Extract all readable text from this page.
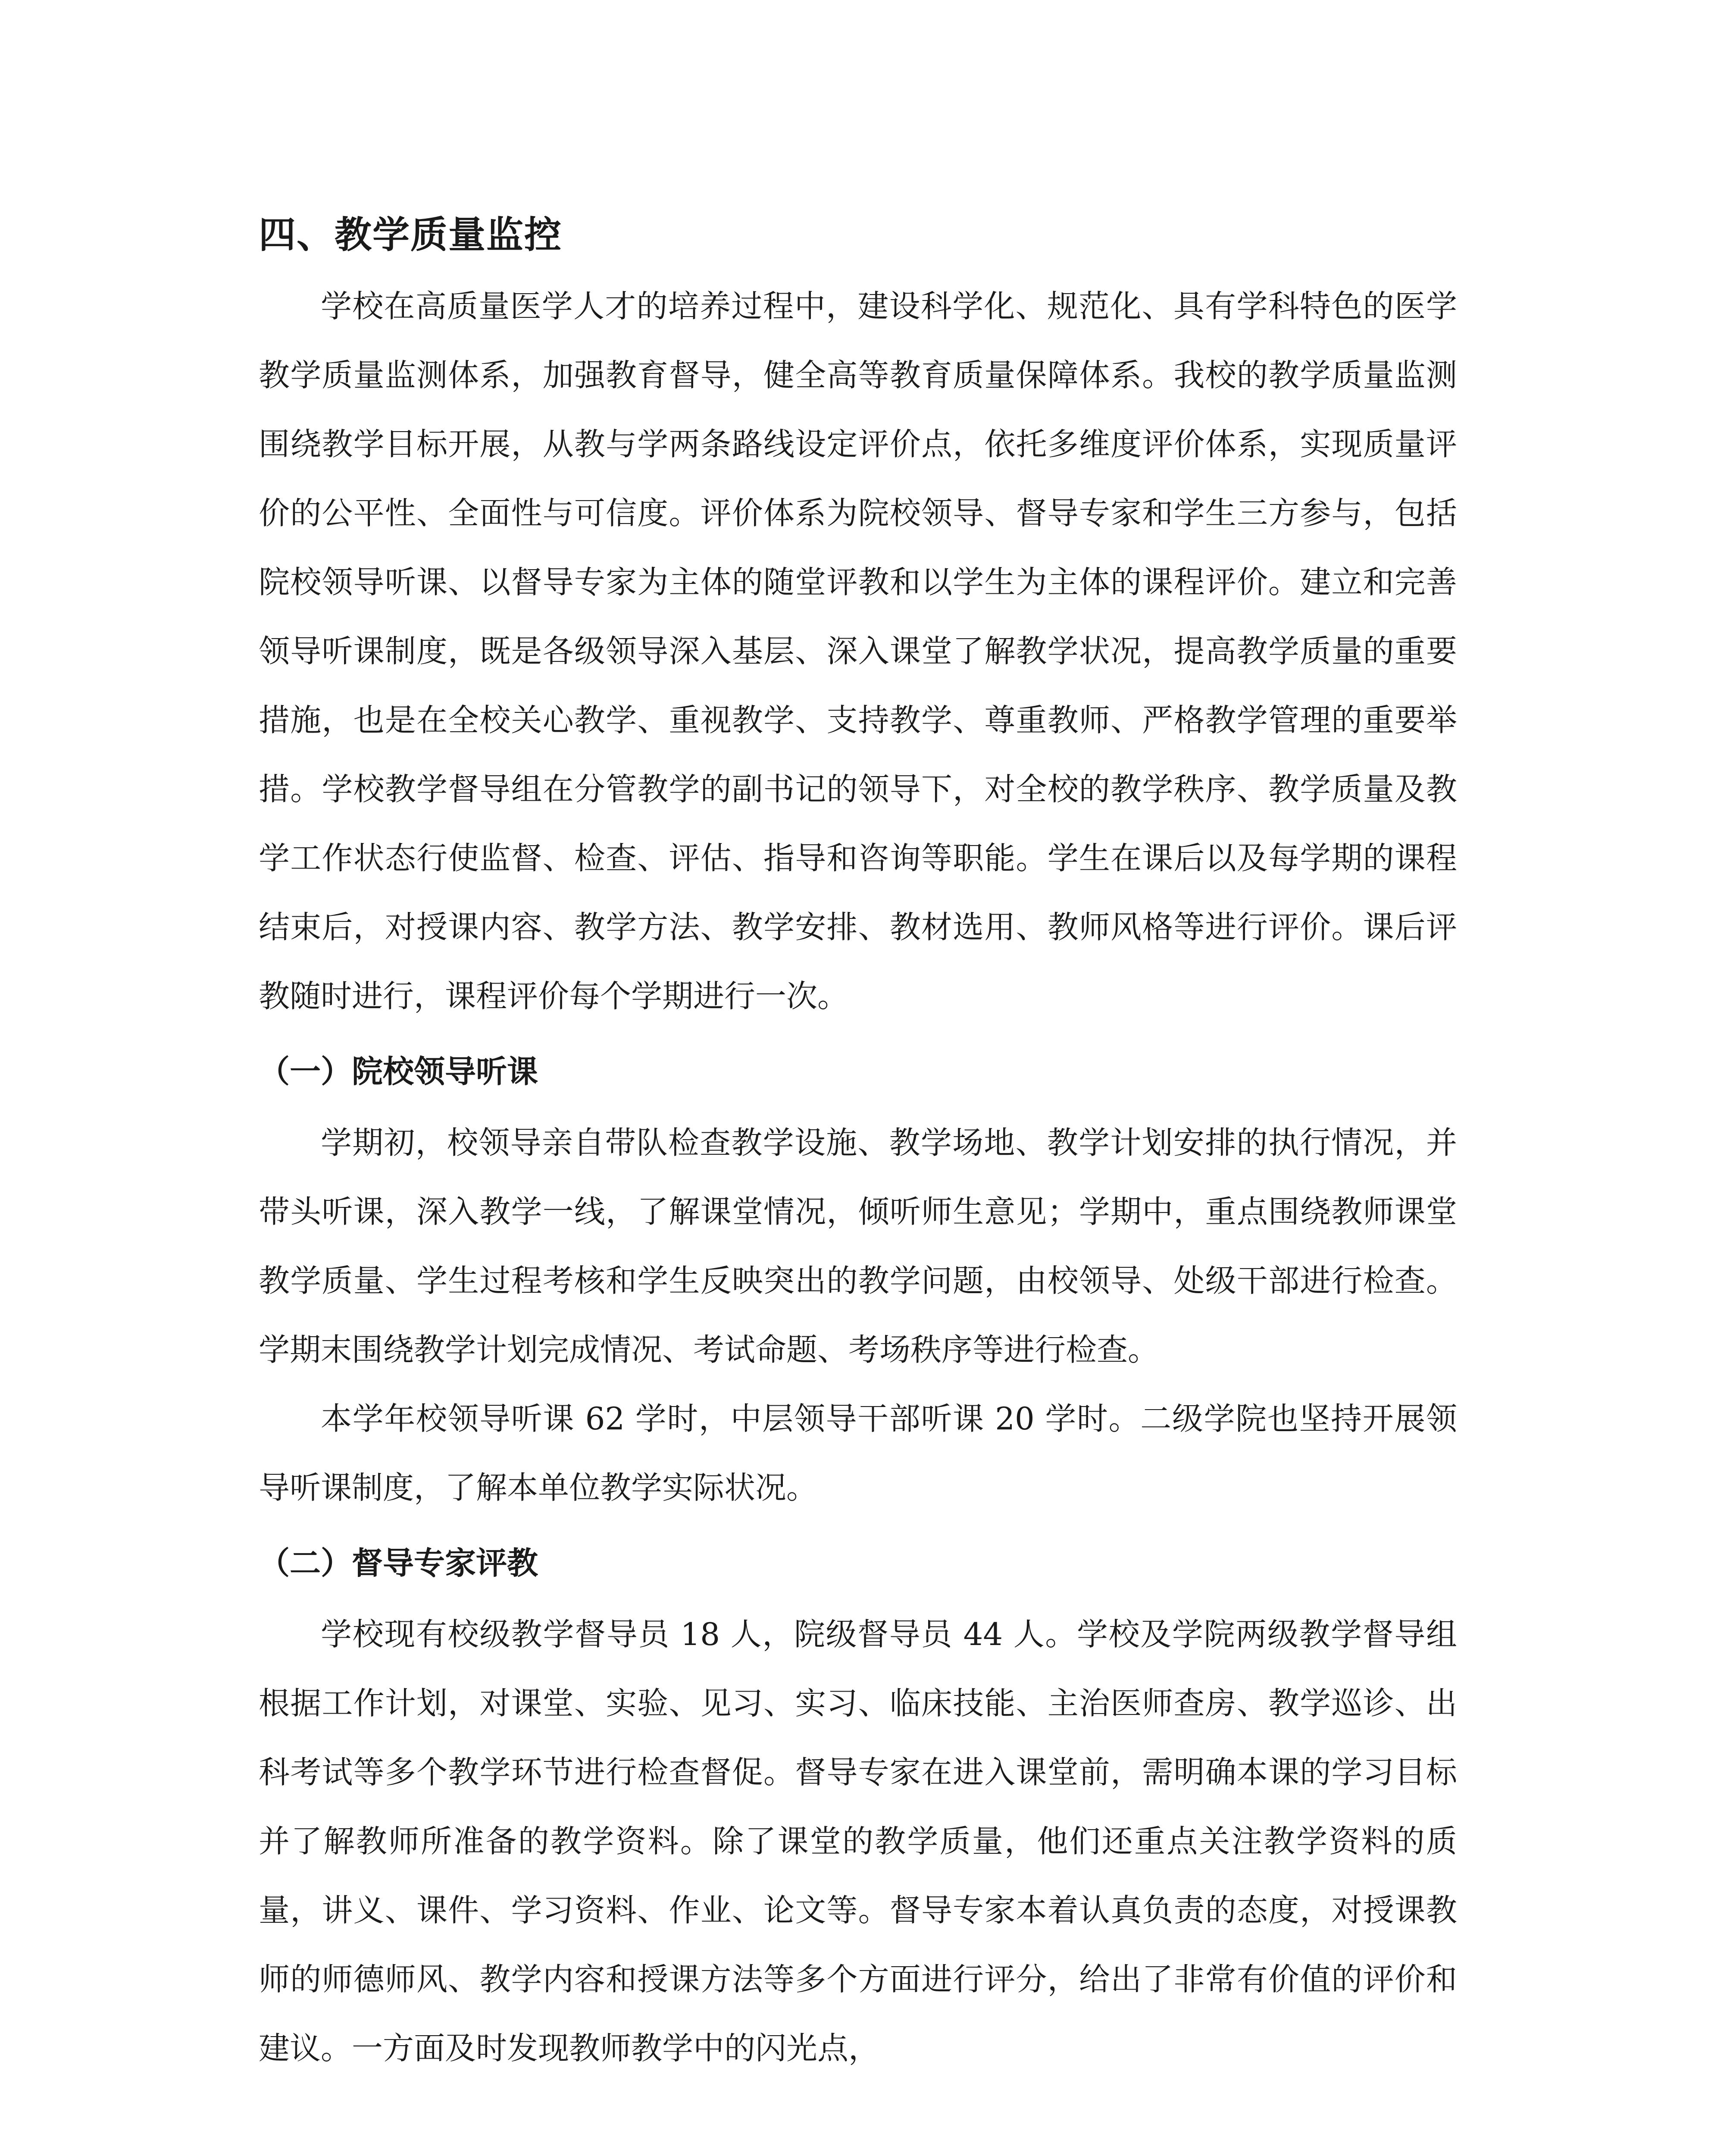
四、教学质量监控

学校在高质量医学人才的培养过程中，建设科学化、规范化、具有学科特色的医学教学质量监测体系，加强教育督导，健全高等教育质量保障体系。我校的教学质量监测围绕教学目标开展，从教与学两条路线设定评价点，依托多维度评价体系，实现质量评价的公平性、全面性与可信度。评价体系为院校领导、督导专家和学生三方参与，包括院校领导听课、以督导专家为主体的随堂评教和以学生为主体的课程评价。建立和完善领导听课制度，既是各级领导深入基层、深入课堂了解教学状况，提高教学质量的重要措施，也是在全校关心教学、重视教学、支持教学、尊重教师、严格教学管理的重要举措。学校教学督导组在分管教学的副书记的领导下，对全校的教学秩序、教学质量及教学工作状态行使监督、检查、评估、指导和咨询等职能。学生在课后以及每学期的课程结束后，对授课内容、教学方法、教学安排、教材选用、教师风格等进行评价。课后评教随时进行，课程评价每个学期进行一次。

（一）院校领导听课

学期初，校领导亲自带队检查教学设施、教学场地、教学计划安排的执行情况，并带头听课，深入教学一线，了解课堂情况，倾听师生意见；学期中，重点围绕教师课堂教学质量、学生过程考核和学生反映突出的教学问题，由校领导、处级干部进行检查。学期末围绕教学计划完成情况、考试命题、考场秩序等进行检查。

本学年校领导听课 62 学时，中层领导干部听课 20 学时。二级学院也坚持开展领导听课制度，了解本单位教学实际状况。

（二）督导专家评教

学校现有校级教学督导员 18 人，院级督导员 44 人。学校及学院两级教学督导组根据工作计划，对课堂、实验、见习、实习、临床技能、主治医师查房、教学巡诊、出科考试等多个教学环节进行检查督促。督导专家在进入课堂前，需明确本课的学习目标并了解教师所准备的教学资料。除了课堂的教学质量，他们还重点关注教学资料的质量，讲义、课件、学习资料、作业、论文等。督导专家本着认真负责的态度，对授课教师的师德师风、教学内容和授课方法等多个方面进行评分，给出了非常有价值的评价和建议。一方面及时发现教师教学中的闪光点，
